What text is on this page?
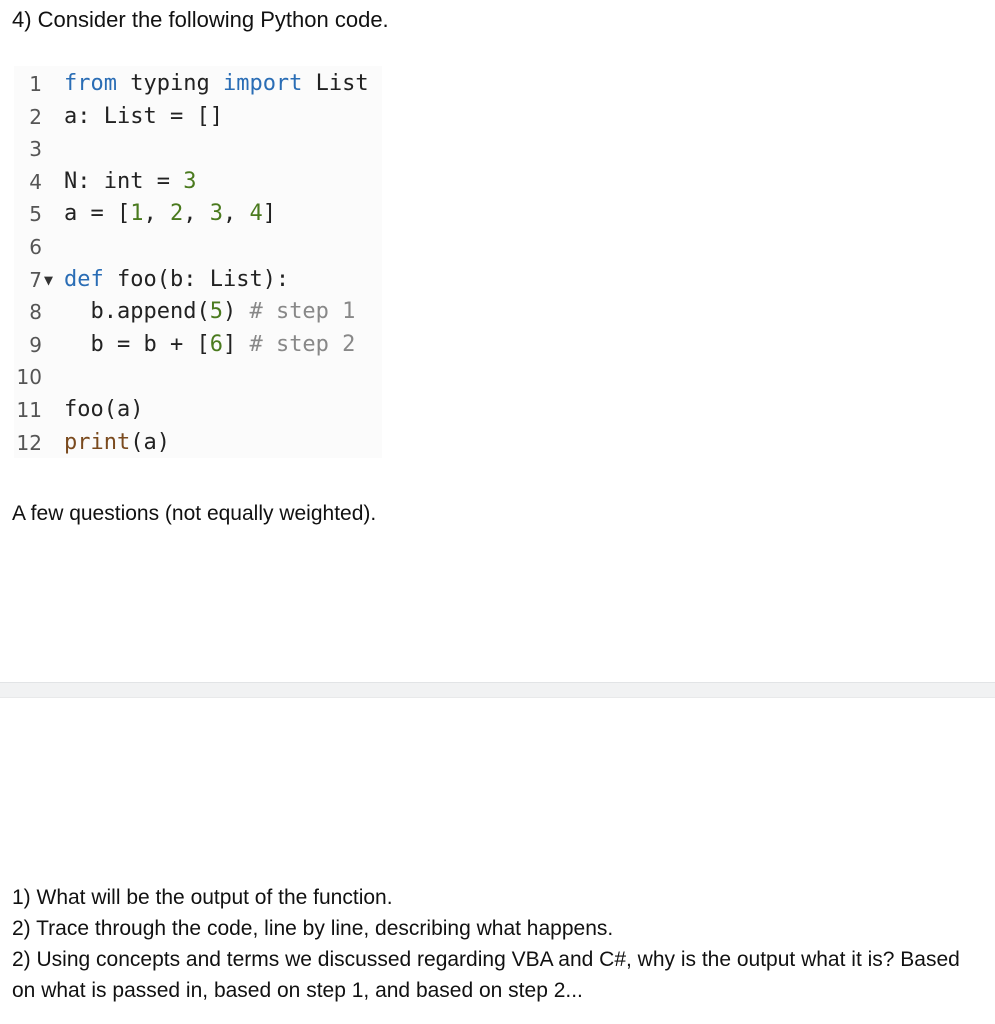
4) Consider the following Python code.
1 from typing import List
2 a: List = []
3
4 N: int = 3
5 a = [1, 2, 3, 4]
6
7 ▼ def foo(b: List):
8 b.append(5) # step 1
9 b = b + [6] # step 2
10
11 foo(a)
12 print(a)

A few questions (not equally weighted).

1) What will be the output of the function.

2) Trace through the code, line by line, describing what happens.

2) Using concepts and terms we discussed regarding VBA and C#, why is the output what it is? Based on what is passed in, based on step 1, and based on step 2...
